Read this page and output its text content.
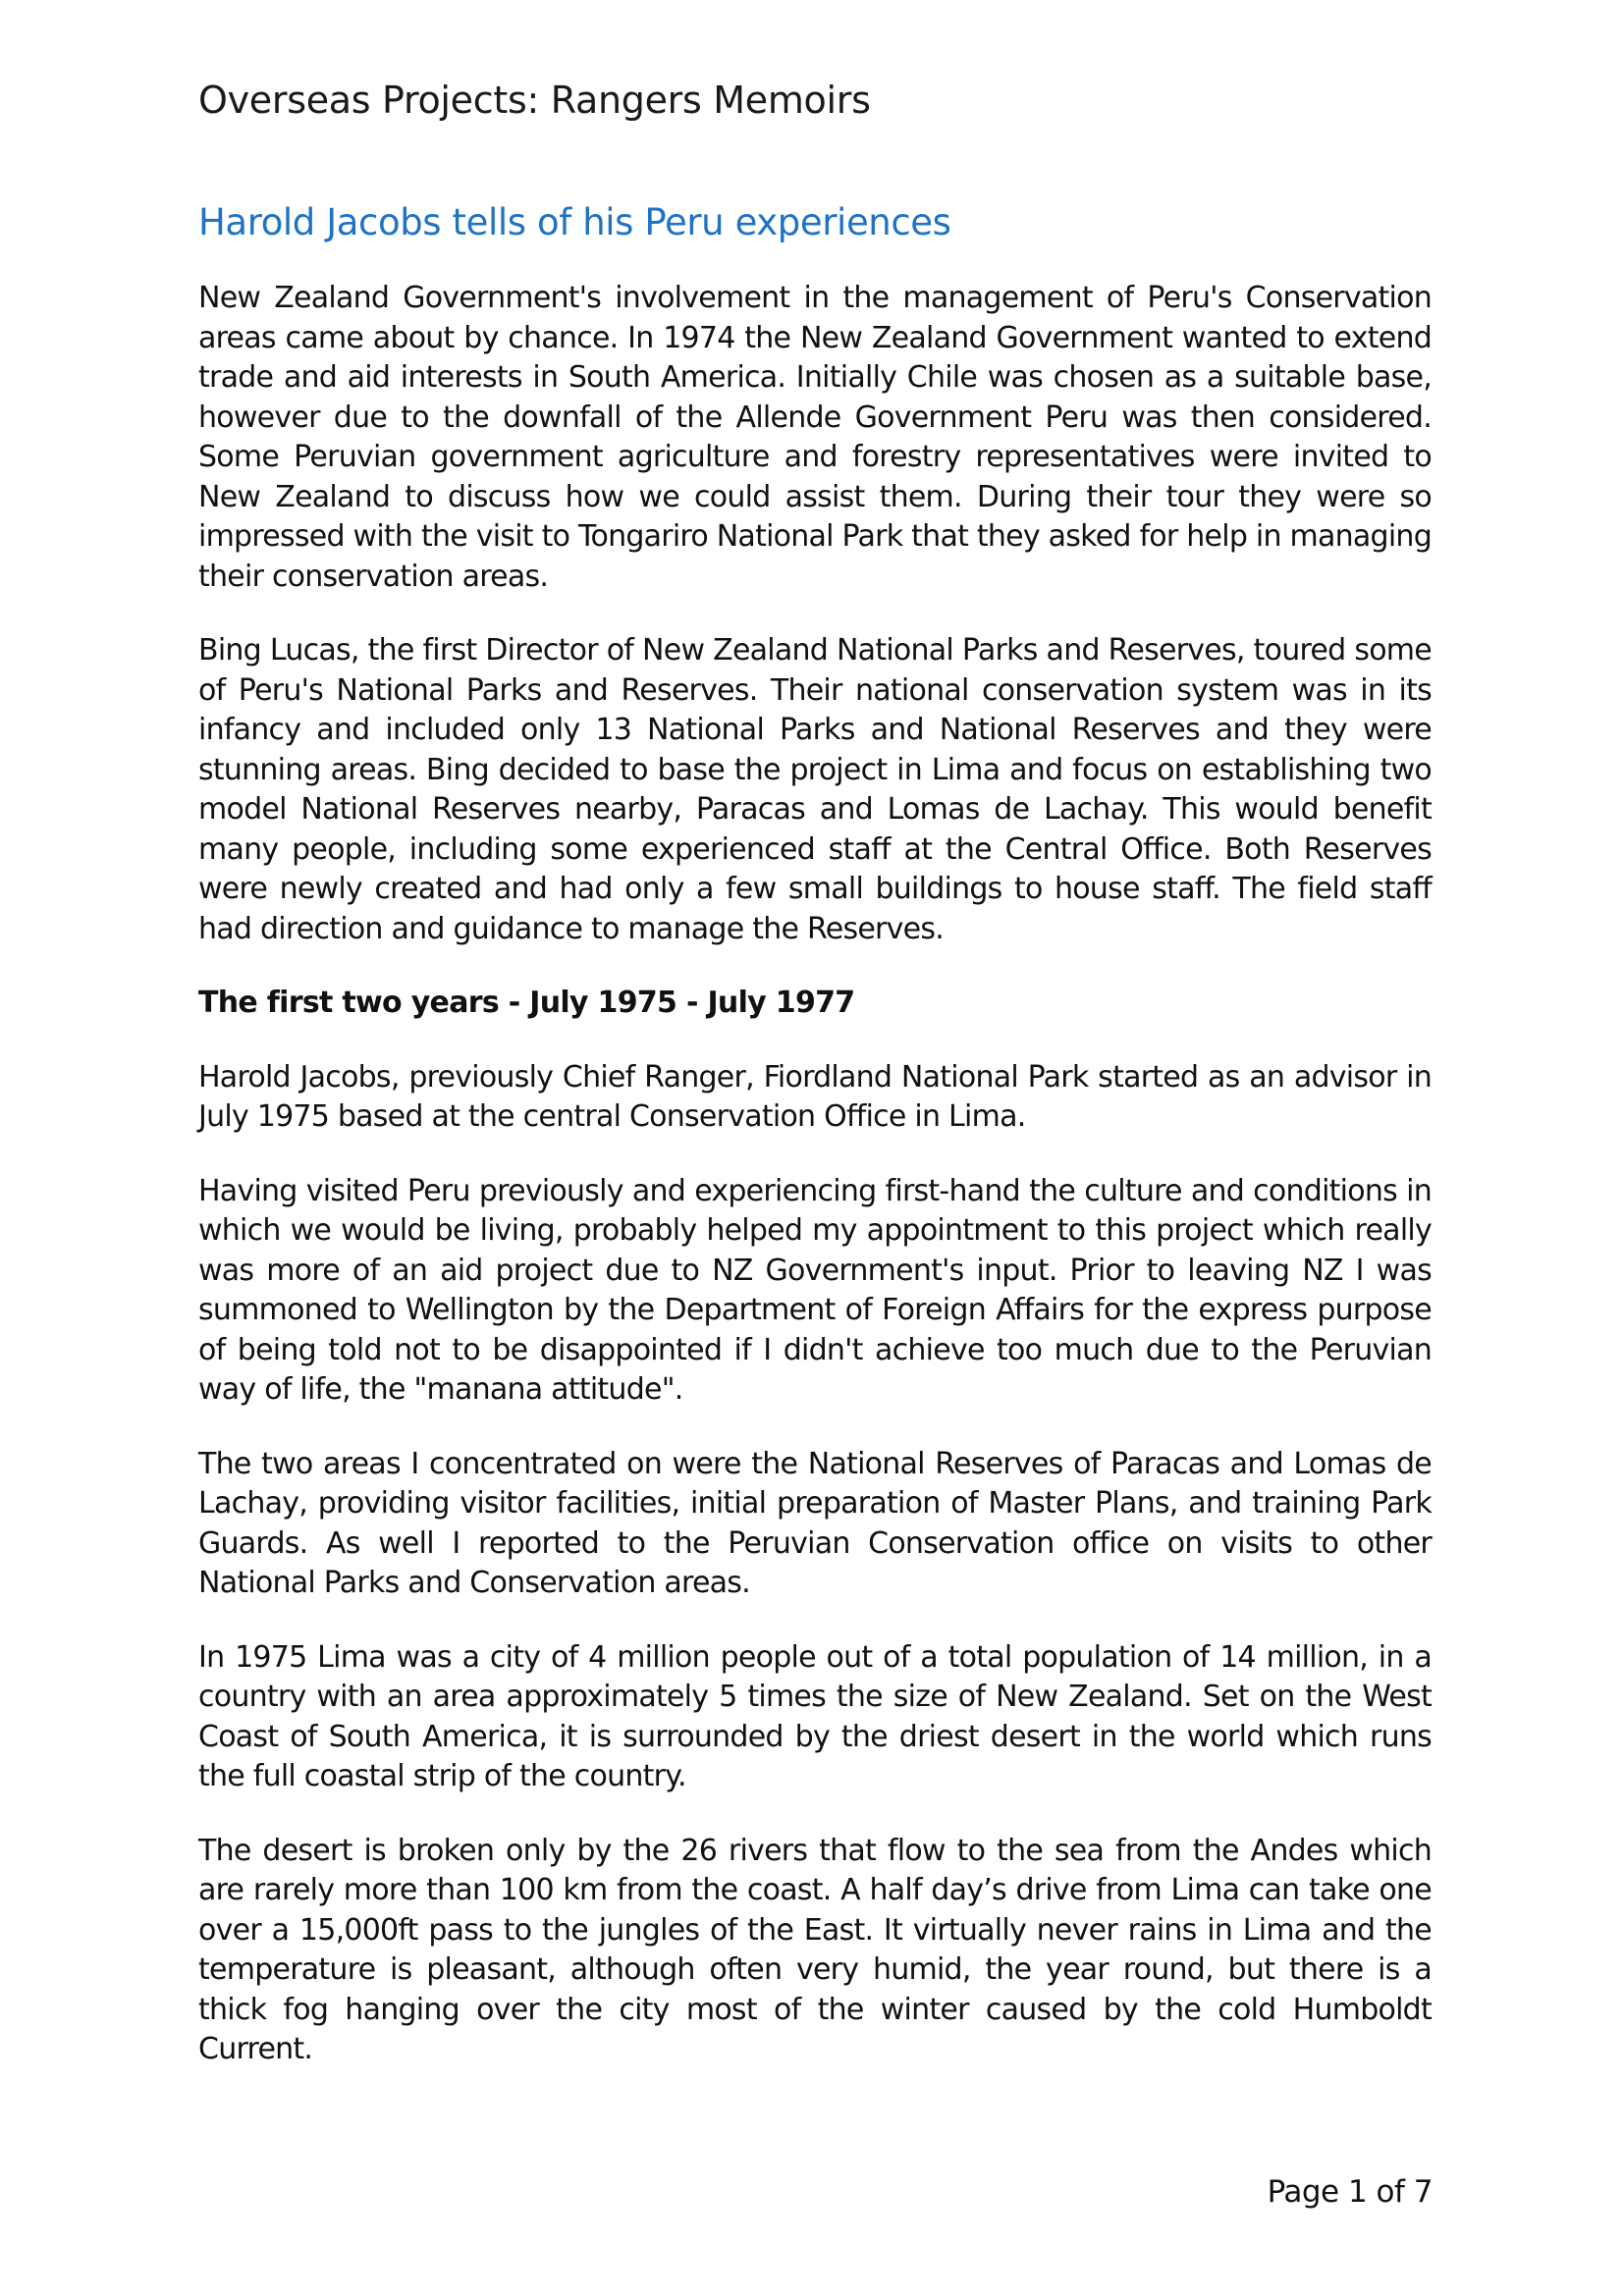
Overseas Projects: Rangers Memoirs
Harold Jacobs tells of his Peru experiences

New Zealand Government's involvement in the management of Peru's Conservation areas came about by chance. In 1974 the New Zealand Government wanted to extend trade and aid interests in South America. Initially Chile was chosen as a suitable base, however due to the downfall of the Allende Government Peru was then considered. Some Peruvian government agriculture and forestry representatives were invited to New Zealand to discuss how we could assist them. During their tour they were so impressed with the visit to Tongariro National Park that they asked for help in managing their conservation areas.

Bing Lucas, the first Director of New Zealand National Parks and Reserves, toured some of Peru's National Parks and Reserves. Their national conservation system was in its infancy and included only 13 National Parks and National Reserves and they were stunning areas. Bing decided to base the project in Lima and focus on establishing two model National Reserves nearby, Paracas and Lomas de Lachay. This would benefit many people, including some experienced staff at the Central Office. Both Reserves were newly created and had only a few small buildings to house staff. The field staff had direction and guidance to manage the Reserves.

The first two years - July 1975 - July 1977

Harold Jacobs, previously Chief Ranger, Fiordland National Park started as an advisor in July 1975 based at the central Conservation Office in Lima.

Having visited Peru previously and experiencing first-hand the culture and conditions in which we would be living, probably helped my appointment to this project which really was more of an aid project due to NZ Government's input. Prior to leaving NZ I was summoned to Wellington by the Department of Foreign Affairs for the express purpose of being told not to be disappointed if I didn't achieve too much due to the Peruvian way of life, the "manana attitude".

The two areas I concentrated on were the National Reserves of Paracas and Lomas de Lachay, providing visitor facilities, initial preparation of Master Plans, and training Park Guards. As well I reported to the Peruvian Conservation office on visits to other National Parks and Conservation areas.

In 1975 Lima was a city of 4 million people out of a total population of 14 million, in a country with an area approximately 5 times the size of New Zealand. Set on the West Coast of South America, it is surrounded by the driest desert in the world which runs the full coastal strip of the country.

The desert is broken only by the 26 rivers that flow to the sea from the Andes which are rarely more than 100 km from the coast. A half day’s drive from Lima can take one over a 15,000ft pass to the jungles of the East. It virtually never rains in Lima and the temperature is pleasant, although often very humid, the year round, but there is a thick fog hanging over the city most of the winter caused by the cold Humboldt Current.

Page 1 of 7
